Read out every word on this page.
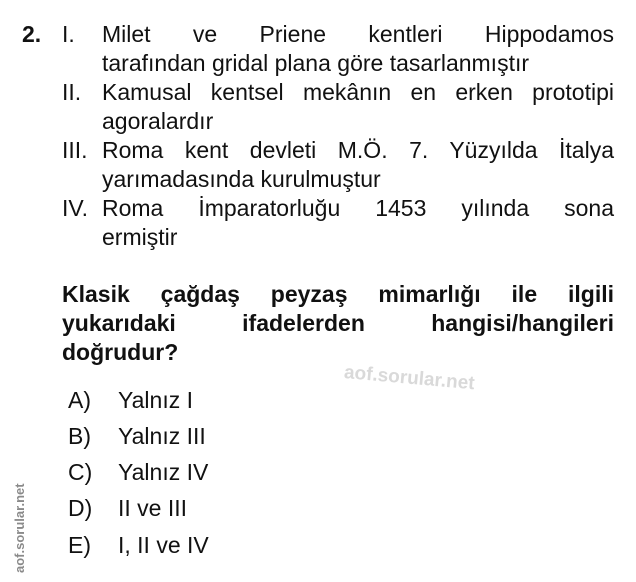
2. I. Milet ve Priene kentleri Hippodamos
tarafından gridal plana göre tasarlanmıştır
II. Kamusal kentsel mekânın en erken prototipi
agoralardır
III. Roma kent devleti M.Ö. 7. Yüzyılda İtalya
yarımadasında kurulmuştur
IV. Roma İmparatorluğu 1453 yılında sona
ermiştir
Klasik çağdaş peyzaş mimarlığı ile ilgili
yukarıdaki ifadelerden hangisi/hangileri
doğrudur?
A) Yalnız I
B) Yalnız III
C) Yalnız IV
D) II ve III
E) I, II ve IV
aof.sorular.net
aof.sorular.net
